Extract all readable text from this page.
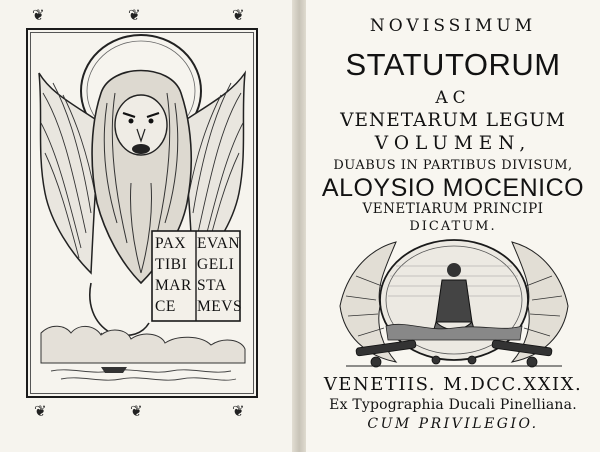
❦	❦	❦
❦	❦	❦
PAX EVAN
TIBI GELI
MAR STA
CE MEVS
NOVISSIMUM
STATUTORUM
AC
VENETARUM LEGUM
VOLUMEN,
DUABUS IN PARTIBUS DIVISUM,
ALOYSIO MOCENICO
VENETIARUM PRINCIPI
DICATUM.
VENETIIS. M.DCC.XXIX.
Ex Typographia Ducali Pinelliana.
CUM PRIVILEGIO.
